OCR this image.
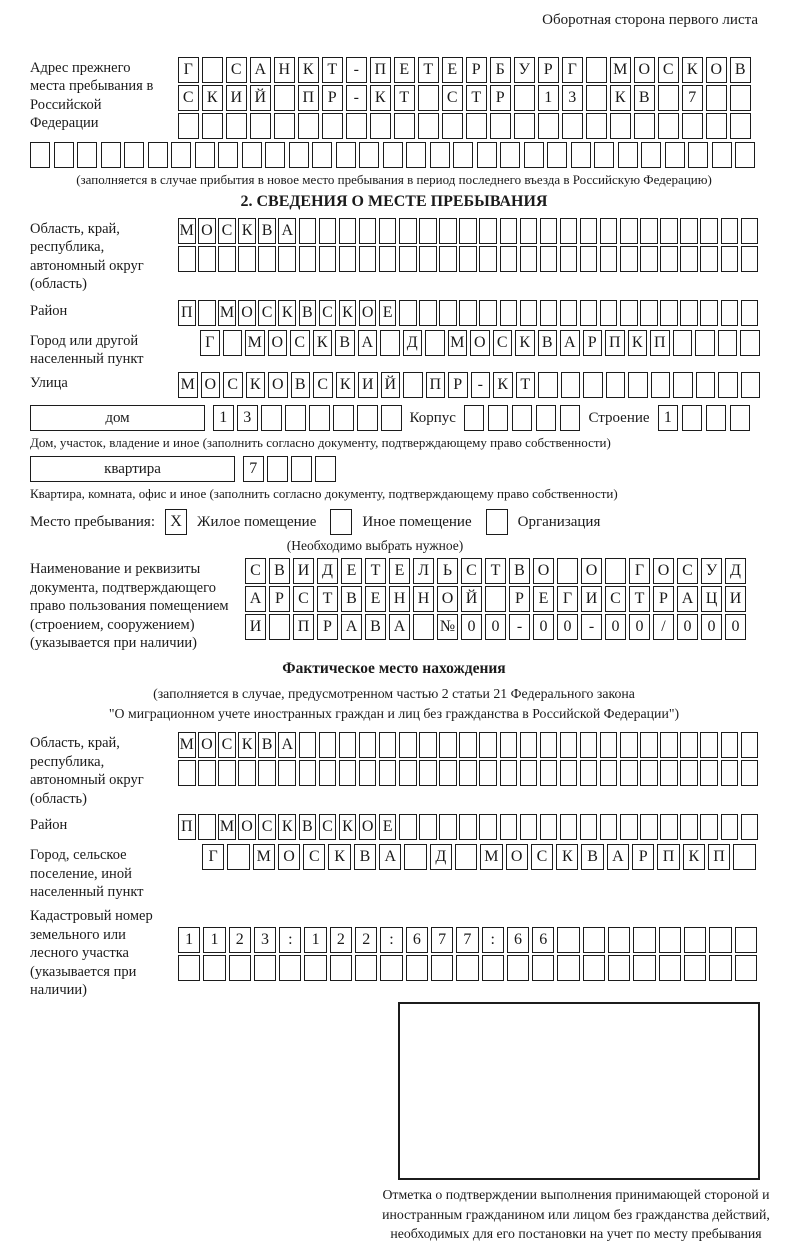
Оборотная сторона первого листа
Адрес прежнего места пребывания в Российской Федерации
Г	С А Н К Т	- П Е Т Е Р Б У Р Г	М О С К О В
С К И Й П Р	-	К Т	С Т Р	1	3	К В	7
(заполняется в случае прибытия в новое место пребывания в период последнего въезда в Российскую Федерацию)
2. СВЕДЕНИЯ О МЕСТЕ ПРЕБЫВАНИЯ
Область, край, республика, автономный округ (область)
М О С К В А
Район	П М О С К В С К О Е
Город или другой населенный пункт
Г	М О С К В А Д М О С К В А Р П К П
Улица	М О С К О В С К И Й П Р - К Т
дом	1	3	Корпус	Строение 1
Дом, участок, владение и иное (заполнить согласно документу, подтверждающему право собственности)
квартира	7
Квартира, комната, офис и иное (заполнить согласно документу, подтверждающему право собственности)
Место пребывания: X	Жилое помещение	Иное помещение	Организация
(Необходимо выбрать нужное)
Наименование и реквизиты документа, подтверждающего право пользования помещением (строением, сооружением) (указывается при наличии)
С В И Д Е Т Е Л Ь С Т В О О	Г О С У Д
А Р С Т В Е Н Н О Й	Р Е Г И С Т Р А Ц И
И П Р А В А № 0	0	-	0	0	-	0	0	/	0	0	0
Фактическое место нахождения
(заполняется в случае, предусмотренном частью 2 статьи 21 Федерального закона
"О миграционном учете иностранных граждан и лиц без гражданства в Российской Федерации")
Область, край, республика, автономный округ (область)
М О С К В А
Район	П М О С К В С К О Е
Город, сельское поселение, иной населенный пункт
Г	М О С К В А	Д	М О С К В А Р П К П
Кадастровый номер земельного или лесного участка (указывается при наличии)
1	1	2	3	:	1	2	2	:	6	7	7	:	6	6
Отметка о подтверждении выполнения принимающей стороной и иностранным гражданином или лицом без гражданства действий, необходимых для его постановки на учет по месту пребывания
